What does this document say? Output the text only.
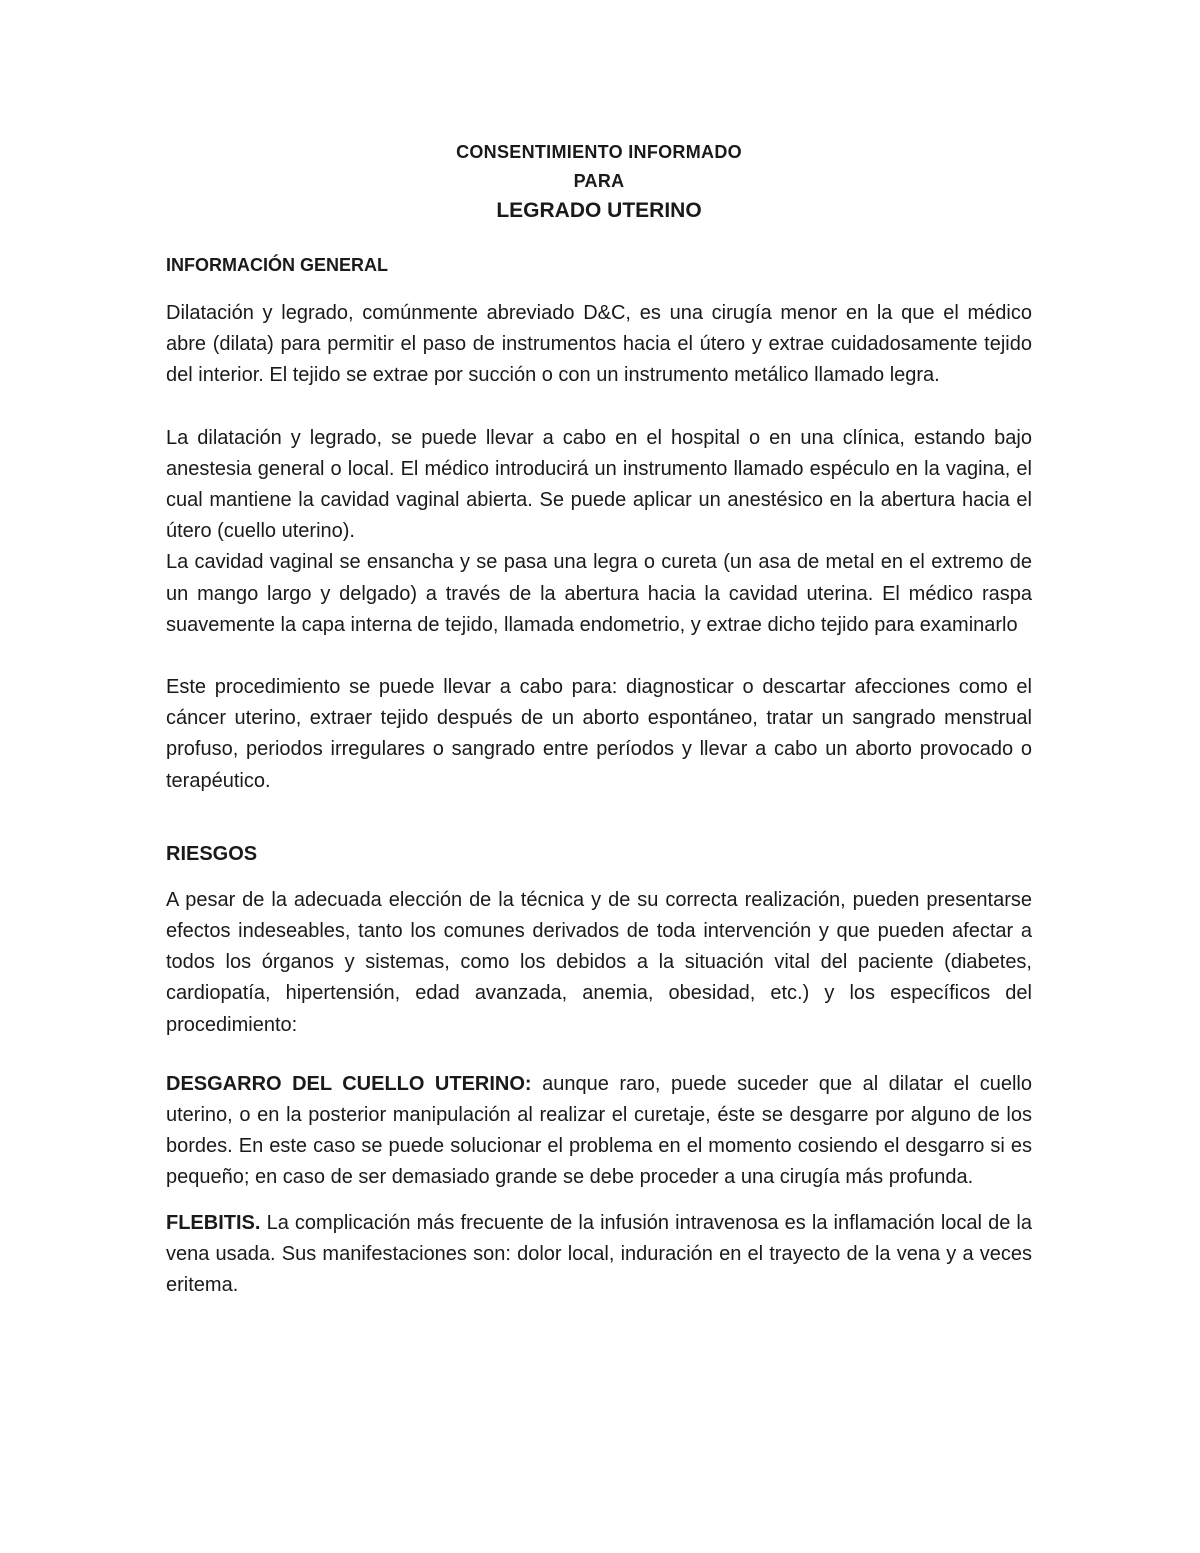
CONSENTIMIENTO INFORMADO
PARA
LEGRADO UTERINO
INFORMACIÓN GENERAL

Dilatación y legrado, comúnmente abreviado D&C, es una cirugía menor en la que el médico abre (dilata) para permitir el paso de instrumentos hacia el útero y extrae cuidadosamente tejido del interior. El tejido se extrae por succión o con un instrumento metálico llamado legra.

La dilatación y legrado, se puede llevar a cabo en el hospital o en una clínica, estando bajo anestesia general o local. El médico introducirá un instrumento llamado espéculo en la vagina, el cual mantiene la cavidad vaginal abierta. Se puede aplicar un anestésico en la abertura hacia el útero (cuello uterino).

La cavidad vaginal se ensancha y se pasa una legra o cureta (un asa de metal en el extremo de un mango largo y delgado) a través de la abertura hacia la cavidad uterina. El médico raspa suavemente la capa interna de tejido, llamada endometrio, y extrae dicho tejido para examinarlo

Este procedimiento se puede llevar a cabo para: diagnosticar o descartar afecciones como el cáncer uterino, extraer tejido después de un aborto espontáneo, tratar un sangrado menstrual profuso, periodos irregulares o sangrado entre períodos y llevar a cabo un aborto provocado o terapéutico.

RIESGOS

A pesar de la adecuada elección de la técnica y de su correcta realización, pueden presentarse efectos indeseables, tanto los comunes derivados de toda intervención y que pueden afectar a todos los órganos y sistemas, como los debidos a la situación vital del paciente (diabetes, cardiopatía, hipertensión, edad avanzada, anemia, obesidad, etc.) y los específicos del procedimiento:

DESGARRO DEL CUELLO UTERINO: aunque raro, puede suceder que al dilatar el cuello uterino, o en la posterior manipulación al realizar el curetaje, éste se desgarre por alguno de los bordes. En este caso se puede solucionar el problema en el momento cosiendo el desgarro si es pequeño; en caso de ser demasiado grande se debe proceder a una cirugía más profunda.

FLEBITIS. La complicación más frecuente de la infusión intravenosa es la inflamación local de la vena usada. Sus manifestaciones son: dolor local, induración en el trayecto de la vena y a veces eritema.
